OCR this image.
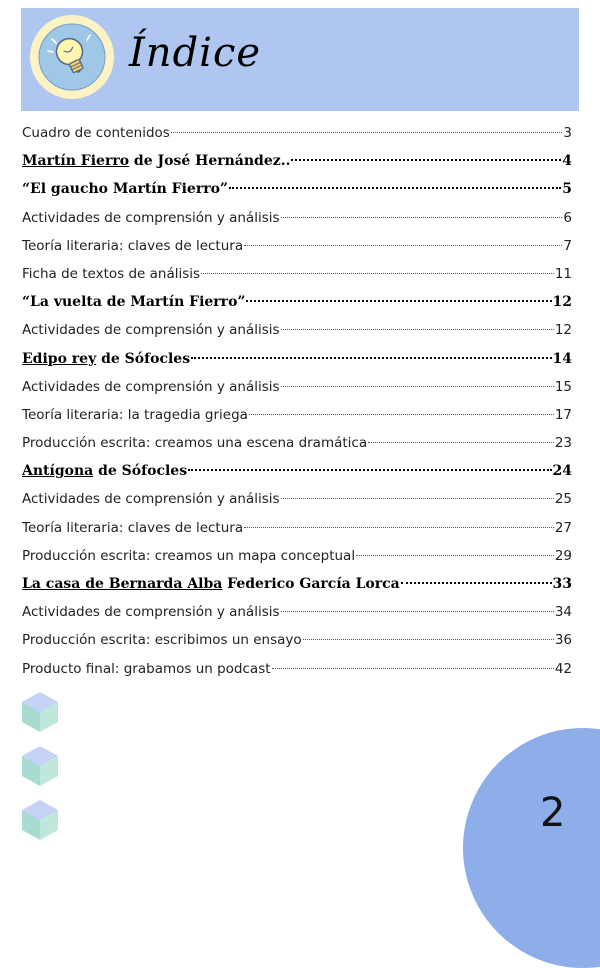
Índice
Cuadro de contenidos	3
Martín Fierro de José Hernández..	4
“El gaucho Martín Fierro”	5
Actividades de comprensión y análisis	6
Teoría literaria: claves de lectura	7
Ficha de textos de análisis	11
“La vuelta de Martín Fierro”	12
Actividades de comprensión y análisis	12
Edipo rey de Sófocles	14
Actividades de comprensión y análisis	15
Teoría literaria: la tragedia griega	17
Producción escrita: creamos una escena dramática	23
Antígona de Sófocles	24
Actividades de comprensión y análisis	25
Teoría literaria: claves de lectura	27
Producción escrita: creamos un mapa conceptual	29
La casa de Bernarda Alba Federico García Lorca	33
Actividades de comprensión y análisis	34
Producción escrita: escribimos un ensayo	36
Producto final: grabamos un podcast	42
2
